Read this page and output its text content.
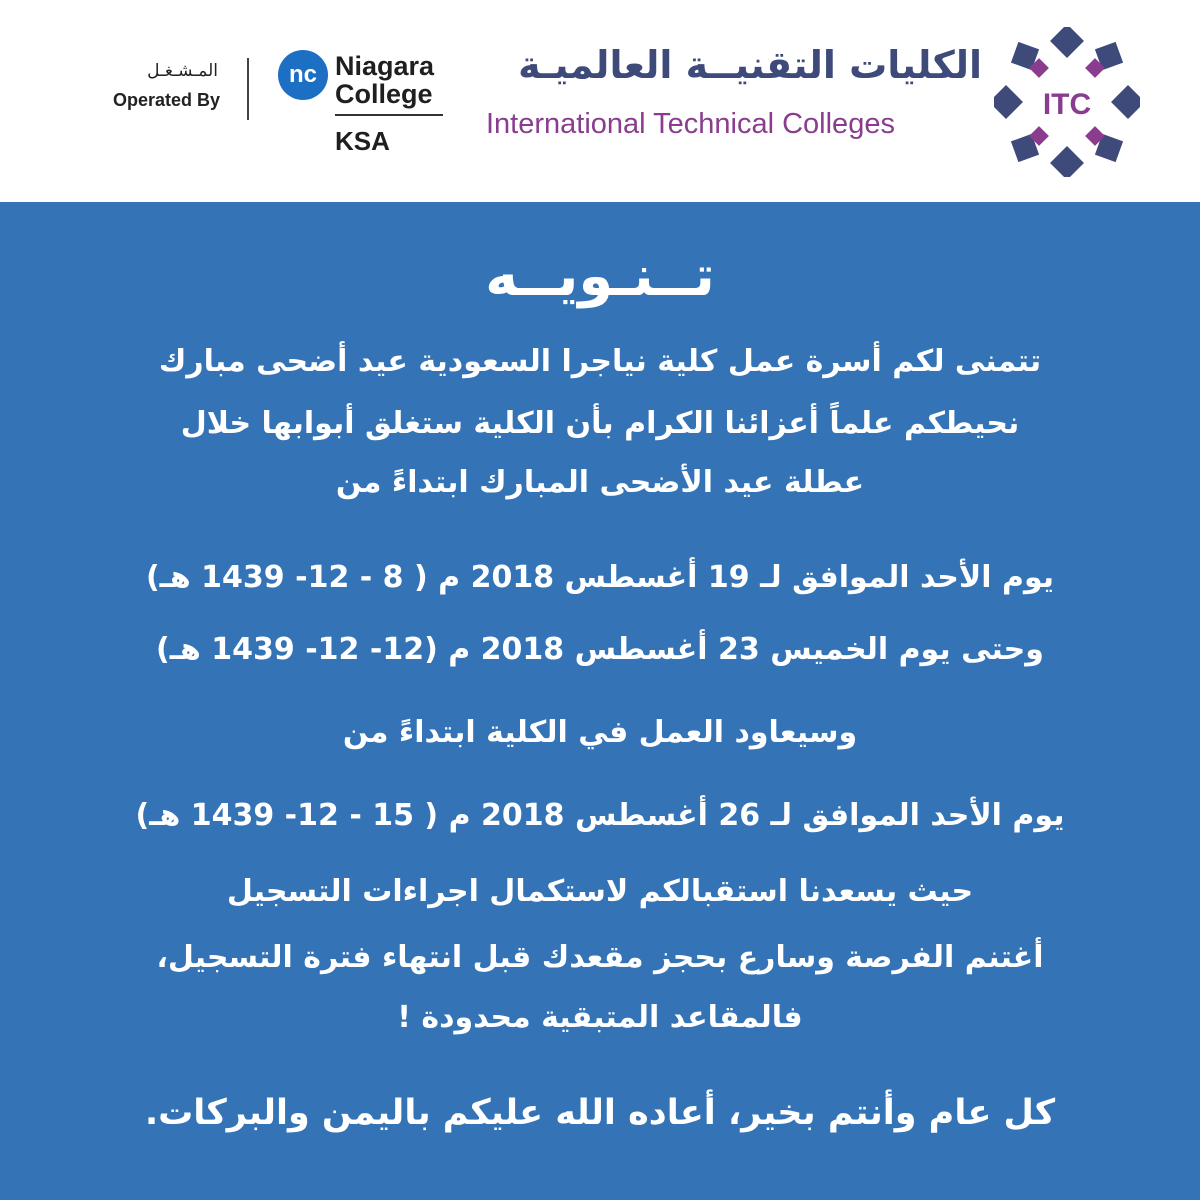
ITC
الكليات التقنيــة العالميـة
International Technical Colleges
nc Niagara
College
KSA
المـشـغـل
Operated By
تــنـويــه
تتمنى لكم أسرة عمل كلية نياجرا السعودية عيد أضحى مبارك
نحيطكم علماً أعزائنا الكرام بأن الكلية ستغلق أبوابها خلال
عطلة عيد الأضحى المبارك ابتداءً من
يوم الأحد الموافق لـ 19 أغسطس 2018 م ( 8 - 12- 1439 هـ)
وحتى يوم الخميس 23 أغسطس 2018 م (12- 12- 1439 هـ)
وسيعاود العمل في الكلية ابتداءً من
يوم الأحد الموافق لـ 26 أغسطس 2018 م ( 15 - 12- 1439 هـ)
حيث يسعدنا استقبالكم لاستكمال اجراءات التسجيل
أغتنم الفرصة وسارع بحجز مقعدك قبل انتهاء فترة التسجيل،
فالمقاعد المتبقية محدودة !
كل عام وأنتم بخير، أعاده الله عليكم باليمن والبركات.
